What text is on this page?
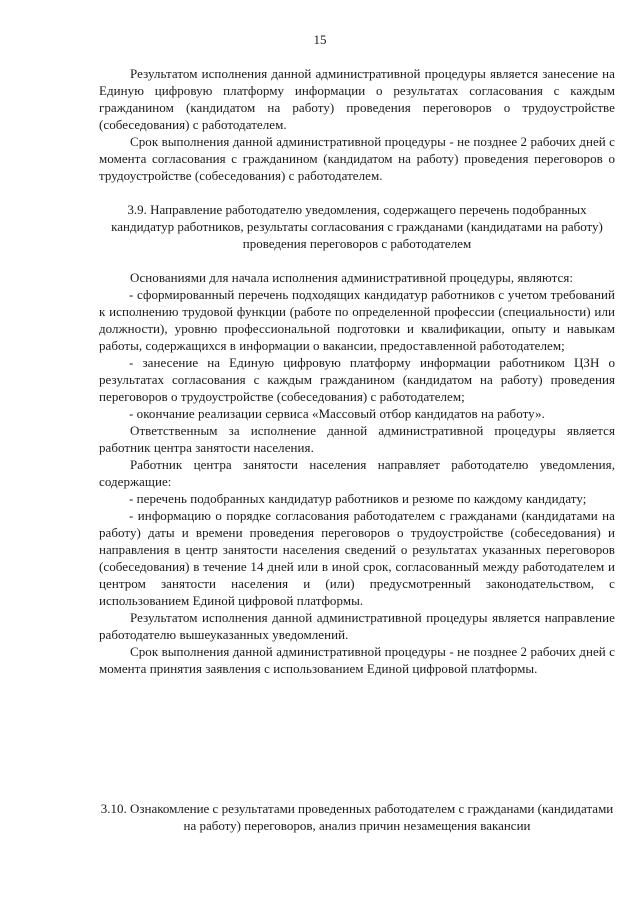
15

Результатом исполнения данной административной процедуры является занесение на Единую цифровую платформу информации о результатах согласования с каждым гражданином (кандидатом на работу) проведения переговоров о трудоустройстве (собеседования) с работодателем.

Срок выполнения данной административной процедуры - не позднее 2 рабочих дней с момента согласования с гражданином (кандидатом на работу) проведения переговоров о трудоустройстве (собеседования) с работодателем.

3.9. Направление работодателю уведомления, содержащего перечень подобранных кандидатур работников, результаты согласования с гражданами (кандидатами на работу) проведения переговоров с работодателем

Основаниями для начала исполнения административной процедуры, являются:

- сформированный перечень подходящих кандидатур работников с учетом требований к исполнению трудовой функции (работе по определенной профессии (специальности) или должности), уровню профессиональной подготовки и квалификации, опыту и навыкам работы, содержащихся в информации о вакансии, предоставленной работодателем;

- занесение на Единую цифровую платформу информации работником ЦЗН о результатах согласования с каждым гражданином (кандидатом на работу) проведения переговоров о трудоустройстве (собеседования) с работодателем;

- окончание реализации сервиса «Массовый отбор кандидатов на работу».

Ответственным за исполнение данной административной процедуры является работник центра занятости населения.

Работник центра занятости населения направляет работодателю уведомления, содержащие:

- перечень подобранных кандидатур работников и резюме по каждому кандидату;

- информацию о порядке согласования работодателем с гражданами (кандидатами на работу) даты и времени проведения переговоров о трудоустройстве (собеседования) и направления в центр занятости населения сведений о результатах указанных переговоров (собеседования) в течение 14 дней или в иной срок, согласованный между работодателем и центром занятости населения и (или) предусмотренный законодательством, с использованием Единой цифровой платформы.

Результатом исполнения данной административной процедуры является направление работодателю вышеуказанных уведомлений.

Срок выполнения данной административной процедуры - не позднее 2 рабочих дней с момента принятия заявления с использованием Единой цифровой платформы.

3.10. Ознакомление с результатами проведенных работодателем с гражданами (кандидатами на работу) переговоров, анализ причин незамещения вакансии
